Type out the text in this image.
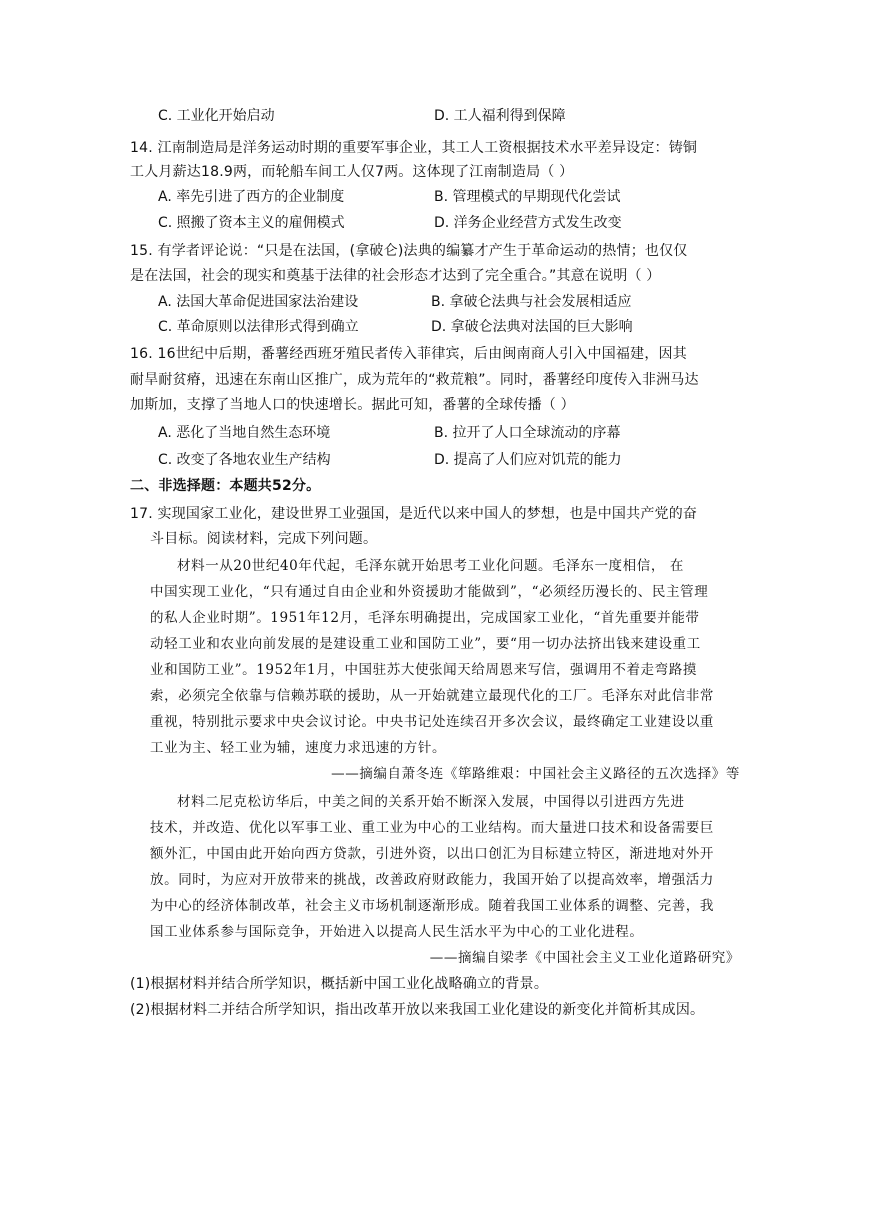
C. 工业化开始启动	D. 工人福利得到保障
14. 江南制造局是洋务运动时期的重要军事企业，其工人工资根据技术水平差异设定：铸铜
工人月薪达18.9两，而轮船车间工人仅7两。这体现了江南制造局（ ）
A. 率先引进了西方的企业制度	B. 管理模式的早期现代化尝试
C. 照搬了资本主义的雇佣模式	D. 洋务企业经营方式发生改变
15. 有学者评论说：“只是在法国，(拿破仑)法典的编纂才产生于革命运动的热情；也仅仅
是在法国，社会的现实和奠基于法律的社会形态才达到了完全重合。”其意在说明（ ）
A. 法国大革命促进国家法治建设	B. 拿破仑法典与社会发展相适应
C. 革命原则以法律形式得到确立	D. 拿破仑法典对法国的巨大影响
16. 16世纪中后期，番薯经西班牙殖民者传入菲律宾，后由闽南商人引入中国福建，因其
耐旱耐贫瘠，迅速在东南山区推广，成为荒年的“救荒粮”。同时，番薯经印度传入非洲马达
加斯加，支撑了当地人口的快速增长。据此可知，番薯的全球传播（ ）
A. 恶化了当地自然生态环境	B. 拉开了人口全球流动的序幕
C. 改变了各地农业生产结构	D. 提高了人们应对饥荒的能力
二、非选择题：本题共52分。
17. 实现国家工业化，建设世界工业强国，是近代以来中国人的梦想，也是中国共产党的奋
斗目标。阅读材料，完成下列问题。
材料一从20世纪40年代起，毛泽东就开始思考工业化问题。毛泽东一度相信， 在
中国实现工业化，“只有通过自由企业和外资援助才能做到”，“必须经历漫长的、民主管理
的私人企业时期”。1951年12月，毛泽东明确提出，完成国家工业化，“首先重要并能带
动轻工业和农业向前发展的是建设重工业和国防工业”，要“用一切办法挤出钱来建设重工
业和国防工业”。1952年1月，中国驻苏大使张闻天给周恩来写信，强调用不着走弯路摸
索，必须完全依靠与信赖苏联的援助，从一开始就建立最现代化的工厂。毛泽东对此信非常
重视，特别批示要求中央会议讨论。中央书记处连续召开多次会议，最终确定工业建设以重
工业为主、轻工业为辅，速度力求迅速的方针。
——摘编自萧冬连《筚路维艰：中国社会主义路径的五次选择》等
材料二尼克松访华后，中美之间的关系开始不断深入发展，中国得以引进西方先进
技术，并改造、优化以军事工业、重工业为中心的工业结构。而大量进口技术和设备需要巨
额外汇，中国由此开始向西方贷款，引进外资，以出口创汇为目标建立特区，渐进地对外开
放。同时，为应对开放带来的挑战，改善政府财政能力，我国开始了以提高效率，增强活力
为中心的经济体制改革，社会主义市场机制逐渐形成。随着我国工业体系的调整、完善，我
国工业体系参与国际竞争，开始进入以提高人民生活水平为中心的工业化进程。
——摘编自梁孝《中国社会主义工业化道路研究》
(1)根据材料并结合所学知识，概括新中国工业化战略确立的背景。
(2)根据材料二并结合所学知识，指出改革开放以来我国工业化建设的新变化并简析其成因。
